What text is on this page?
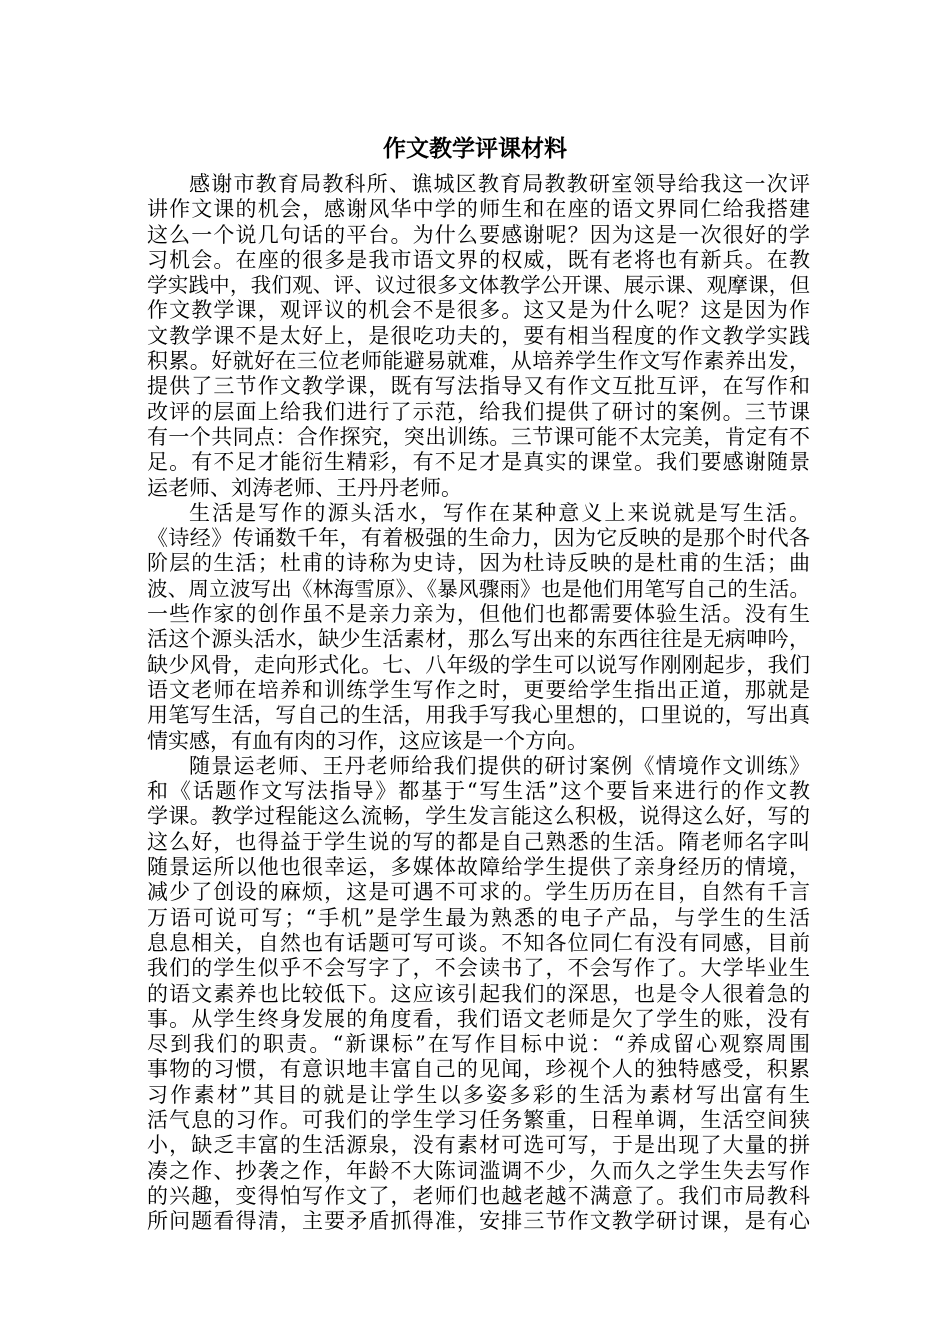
作文教学评课材料
感谢市教育局教科所、谯城区教育局教教研室领导给我这一次评
讲作文课的机会，感谢风华中学的师生和在座的语文界同仁给我搭建
这么一个说几句话的平台。为什么要感谢呢？因为这是一次很好的学
习机会。在座的很多是我市语文界的权威，既有老将也有新兵。在教
学实践中，我们观、评、议过很多文体教学公开课、展示课、观摩课，但
作文教学课，观评议的机会不是很多。这又是为什么呢？这是因为作
文教学课不是太好上，是很吃功夫的，要有相当程度的作文教学实践
积累。好就好在三位老师能避易就难，从培养学生作文写作素养出发，
提供了三节作文教学课，既有写法指导又有作文互批互评，在写作和
改评的层面上给我们进行了示范，给我们提供了研讨的案例。三节课
有一个共同点：合作探究，突出训练。三节课可能不太完美，肯定有不
足。有不足才能衍生精彩，有不足才是真实的课堂。我们要感谢随景
运老师、刘涛老师、王丹丹老师。
生活是写作的源头活水，写作在某种意义上来说就是写生活。
《诗经》传诵数千年，有着极强的生命力，因为它反映的是那个时代各
阶层的生活；杜甫的诗称为史诗，因为杜诗反映的是杜甫的生活；曲
波、周立波写出《林海雪原》、《暴风骤雨》也是他们用笔写自己的生活。
一些作家的创作虽不是亲力亲为，但他们也都需要体验生活。没有生
活这个源头活水，缺少生活素材，那么写出来的东西往往是无病呻吟，
缺少风骨，走向形式化。七、八年级的学生可以说写作刚刚起步，我们
语文老师在培养和训练学生写作之时，更要给学生指出正道，那就是
用笔写生活，写自己的生活，用我手写我心里想的，口里说的，写出真
情实感，有血有肉的习作，这应该是一个方向。
随景运老师、王丹老师给我们提供的研讨案例《情境作文训练》
和《话题作文写法指导》都基于“写生活”这个要旨来进行的作文教
学课。教学过程能这么流畅，学生发言能这么积极，说得这么好，写的
这么好，也得益于学生说的写的都是自己熟悉的生活。隋老师名字叫
随景运所以他也很幸运，多媒体故障给学生提供了亲身经历的情境，
减少了创设的麻烦，这是可遇不可求的。学生历历在目，自然有千言
万语可说可写；“手机”是学生最为熟悉的电子产品，与学生的生活
息息相关，自然也有话题可写可谈。不知各位同仁有没有同感，目前
我们的学生似乎不会写字了，不会读书了，不会写作了。大学毕业生
的语文素养也比较低下。这应该引起我们的深思，也是令人很着急的
事。从学生终身发展的角度看，我们语文老师是欠了学生的账，没有
尽到我们的职责。“新课标”在写作目标中说：“养成留心观察周围
事物的习惯，有意识地丰富自己的见闻，珍视个人的独特感受，积累
习作素材”其目的就是让学生以多姿多彩的生活为素材写出富有生
活气息的习作。可我们的学生学习任务繁重，日程单调，生活空间狭
小，缺乏丰富的生活源泉，没有素材可选可写，于是出现了大量的拼
凑之作、抄袭之作，年龄不大陈词滥调不少，久而久之学生失去写作
的兴趣，变得怕写作文了，老师们也越老越不满意了。我们市局教科
所问题看得清，主要矛盾抓得准，安排三节作文教学研讨课，是有心
